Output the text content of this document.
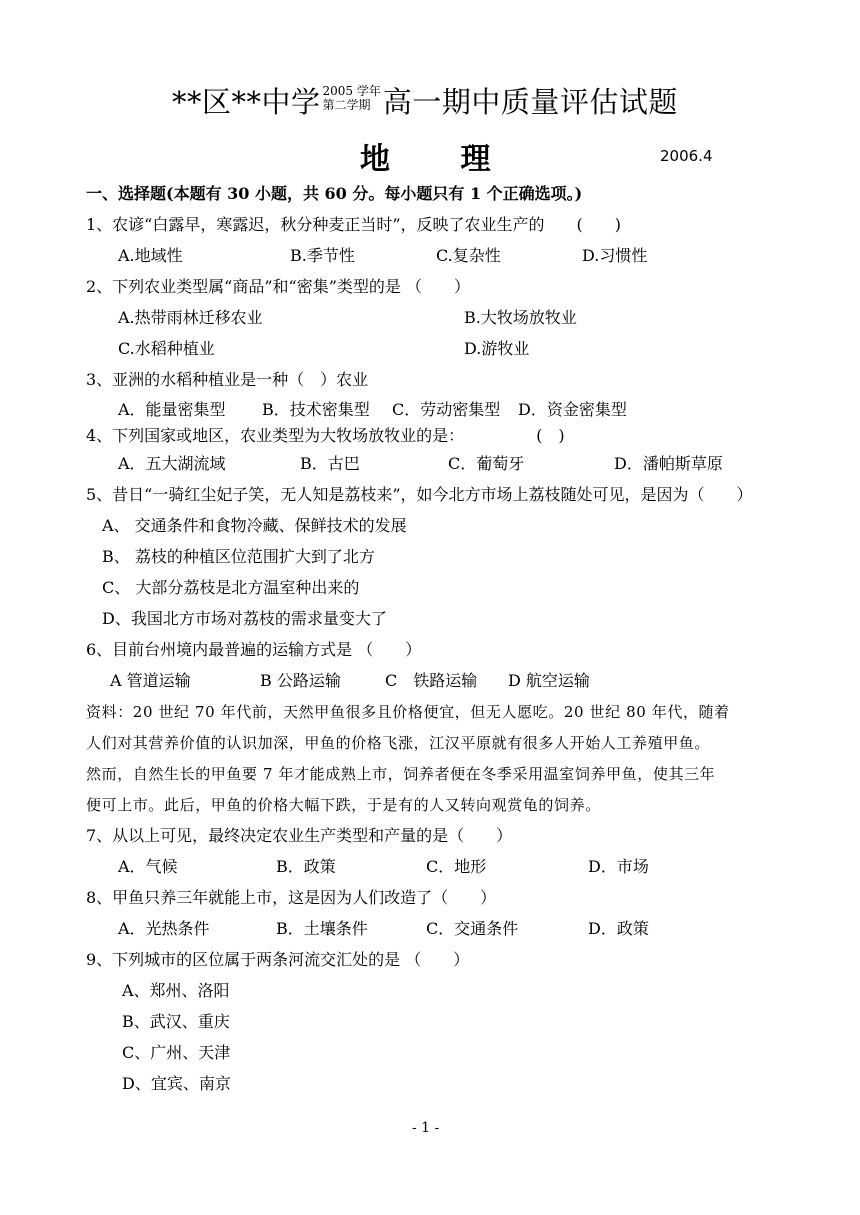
**区**中学 2005 学年
第二学期 高一期中质量评估试题
地 理	2006.4
一、选择题(本题有 30 小题，共 60 分。每小题只有 1 个正确选项。)
1、农谚“白露早，寒露迟，秋分种麦正当时”，反映了农业生产的　　(　　)
A.地域性	B.季节性	C.复杂性	D.习惯性
2、下列农业类型属“商品”和“密集”类型的是 （　　）
A.热带雨林迁移农业	B.大牧场放牧业
C.水稻种植业	D.游牧业
3、亚洲的水稻种植业是一种（　）农业
A．能量密集型 B．技术密集型 C．劳动密集型 D．资金密集型
4、下列国家或地区，农业类型为大牧场放牧业的是：　　　　　(　)
A．五大湖流域	B．古巴	C．葡萄牙	D．潘帕斯草原
5、昔日“一骑红尘妃子笑，无人知是荔枝来”，如今北方市场上荔枝随处可见，是因为（　　）
A、 交通条件和食物冷藏、保鲜技术的发展
B、 荔枝的种植区位范围扩大到了北方
C、 大部分荔枝是北方温室种出来的
D、我国北方市场对荔枝的需求量变大了
6、目前台州境内最普遍的运输方式是 （　　）
A 管道运输	B 公路运输	C　铁路运输 D 航空运输
资料：20 世纪 70 年代前，天然甲鱼很多且价格便宜，但无人愿吃。20 世纪 80 年代，随着
人们对其营养价值的认识加深，甲鱼的价格飞涨，江汉平原就有很多人开始人工养殖甲鱼。
然而，自然生长的甲鱼要 7 年才能成熟上市，饲养者便在冬季采用温室饲养甲鱼，使其三年
便可上市。此后，甲鱼的价格大幅下跌，于是有的人又转向观赏龟的饲养。
7、从以上可见，最终决定农业生产类型和产量的是（　　）
A．气候	B．政策	C．地形	D．市场
8、甲鱼只养三年就能上市，这是因为人们改造了（　　）
A．光热条件	B．土壤条件	C．交通条件	D．政策
9、下列城市的区位属于两条河流交汇处的是 （　　）
A、郑州、洛阳
B、武汉、重庆
C、广州、天津
D、宜宾、南京
- 1 -
